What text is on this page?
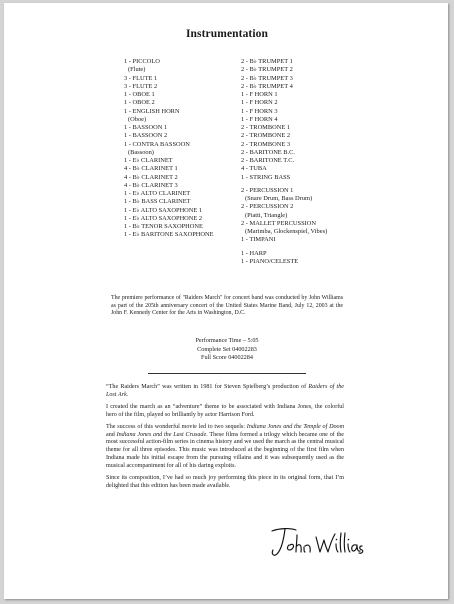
Instrumentation
1 - PICCOLO
(Flute)
3 - FLUTE 1
3 - FLUTE 2
1 - OBOE 1
1 - OBOE 2
1 - ENGLISH HORN
(Oboe)
1 - BASSOON 1
1 - BASSOON 2
1 - CONTRA BASSOON
(Bassoon)
1 - E♭ CLARINET
4 - B♭ CLARINET 1
4 - B♭ CLARINET 2
4 - B♭ CLARINET 3
1 - E♭ ALTO CLARINET
1 - B♭ BASS CLARINET
1 - E♭ ALTO SAXOPHONE 1
1 - E♭ ALTO SAXOPHONE 2
1 - B♭ TENOR SAXOPHONE
1 - E♭ BARITONE SAXOPHONE
2 - B♭ TRUMPET 1
2 - B♭ TRUMPET 2
2 - B♭ TRUMPET 3
2 - B♭ TRUMPET 4
1 - F HORN 1
1 - F HORN 2
1 - F HORN 3
1 - F HORN 4
2 - TROMBONE 1
2 - TROMBONE 2
2 - TROMBONE 3
2 - BARITONE B.C.
2 - BARITONE T.C.
4 - TUBA
1 - STRING BASS
2 - PERCUSSION 1
(Snare Drum, Bass Drum)
2 - PERCUSSION 2
(Piatti, Triangle)
2 - MALLET PERCUSSION
(Marimba, Glockenspiel, Vibes)
1 - TIMPANI
1 - HARP
1 - PIANO/CELESTE
The premiere performance of "Raiders March" for concert band was conducted by John Williams as part of the 205th anniversary concert of the United States Marine Band, July 12, 2003 at the John F. Kennedy Center for the Arts in Washington, D.C.
Performance Time – 5:05
Complete Set 04002283
Full Score 04002284

“The Raiders March” was written in 1981 for Steven Spielberg’s production of Raiders of the Lost Ark.

I created the march as an “adventure” theme to be associated with Indiana Jones, the colorful hero of the film, played so brilliantly by actor Harrison Ford.

The success of this wonderful movie led to two sequels: Indiana Jones and the Temple of Doom and Indiana Jones and the Last Crusade. These films formed a trilogy which became one of the most successful action-film series in cinema history and we used the march as the central musical theme for all three episodes. This music was introduced at the beginning of the first film when Indiana made his initial escape from the pursuing villains and it was subsequently used as the musical accompaniment for all of his daring exploits.

Since its composition, I’ve had so much joy performing this piece in its original form, that I’m delighted that this edition has been made available.
